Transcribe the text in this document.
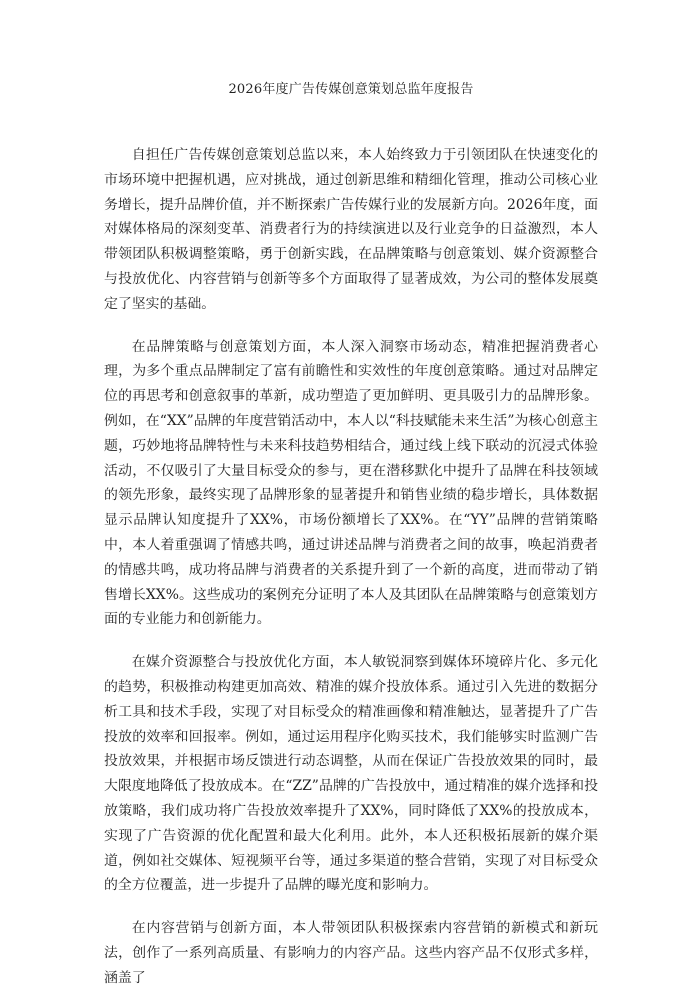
2026年度广告传媒创意策划总监年度报告

自担任广告传媒创意策划总监以来，本人始终致力于引领团队在快速变化的市场环境中把握机遇，应对挑战，通过创新思维和精细化管理，推动公司核心业务增长，提升品牌价值，并不断探索广告传媒行业的发展新方向。2026年度，面对媒体格局的深刻变革、消费者行为的持续演进以及行业竞争的日益激烈，本人带领团队积极调整策略，勇于创新实践，在品牌策略与创意策划、媒介资源整合与投放优化、内容营销与创新等多个方面取得了显著成效，为公司的整体发展奠定了坚实的基础。

在品牌策略与创意策划方面，本人深入洞察市场动态，精准把握消费者心理，为多个重点品牌制定了富有前瞻性和实效性的年度创意策略。通过对品牌定位的再思考和创意叙事的革新，成功塑造了更加鲜明、更具吸引力的品牌形象。例如，在“XX”品牌的年度营销活动中，本人以“科技赋能未来生活”为核心创意主题，巧妙地将品牌特性与未来科技趋势相结合，通过线上线下联动的沉浸式体验活动，不仅吸引了大量目标受众的参与，更在潜移默化中提升了品牌在科技领域的领先形象，最终实现了品牌形象的显著提升和销售业绩的稳步增长，具体数据显示品牌认知度提升了XX%，市场份额增长了XX%。在“YY”品牌的营销策略中，本人着重强调了情感共鸣，通过讲述品牌与消费者之间的故事，唤起消费者的情感共鸣，成功将品牌与消费者的关系提升到了一个新的高度，进而带动了销售增长XX%。这些成功的案例充分证明了本人及其团队在品牌策略与创意策划方面的专业能力和创新能力。

在媒介资源整合与投放优化方面，本人敏锐洞察到媒体环境碎片化、多元化的趋势，积极推动构建更加高效、精准的媒介投放体系。通过引入先进的数据分析工具和技术手段，实现了对目标受众的精准画像和精准触达，显著提升了广告投放的效率和回报率。例如，通过运用程序化购买技术，我们能够实时监测广告投放效果，并根据市场反馈进行动态调整，从而在保证广告投放效果的同时，最大限度地降低了投放成本。在“ZZ”品牌的广告投放中，通过精准的媒介选择和投放策略，我们成功将广告投放效率提升了XX%，同时降低了XX%的投放成本，实现了广告资源的优化配置和最大化利用。此外，本人还积极拓展新的媒介渠道，例如社交媒体、短视频平台等，通过多渠道的整合营销，实现了对目标受众的全方位覆盖，进一步提升了品牌的曝光度和影响力。

在内容营销与创新方面，本人带领团队积极探索内容营销的新模式和新玩法，创作了一系列高质量、有影响力的内容产品。这些内容产品不仅形式多样，涵盖了
